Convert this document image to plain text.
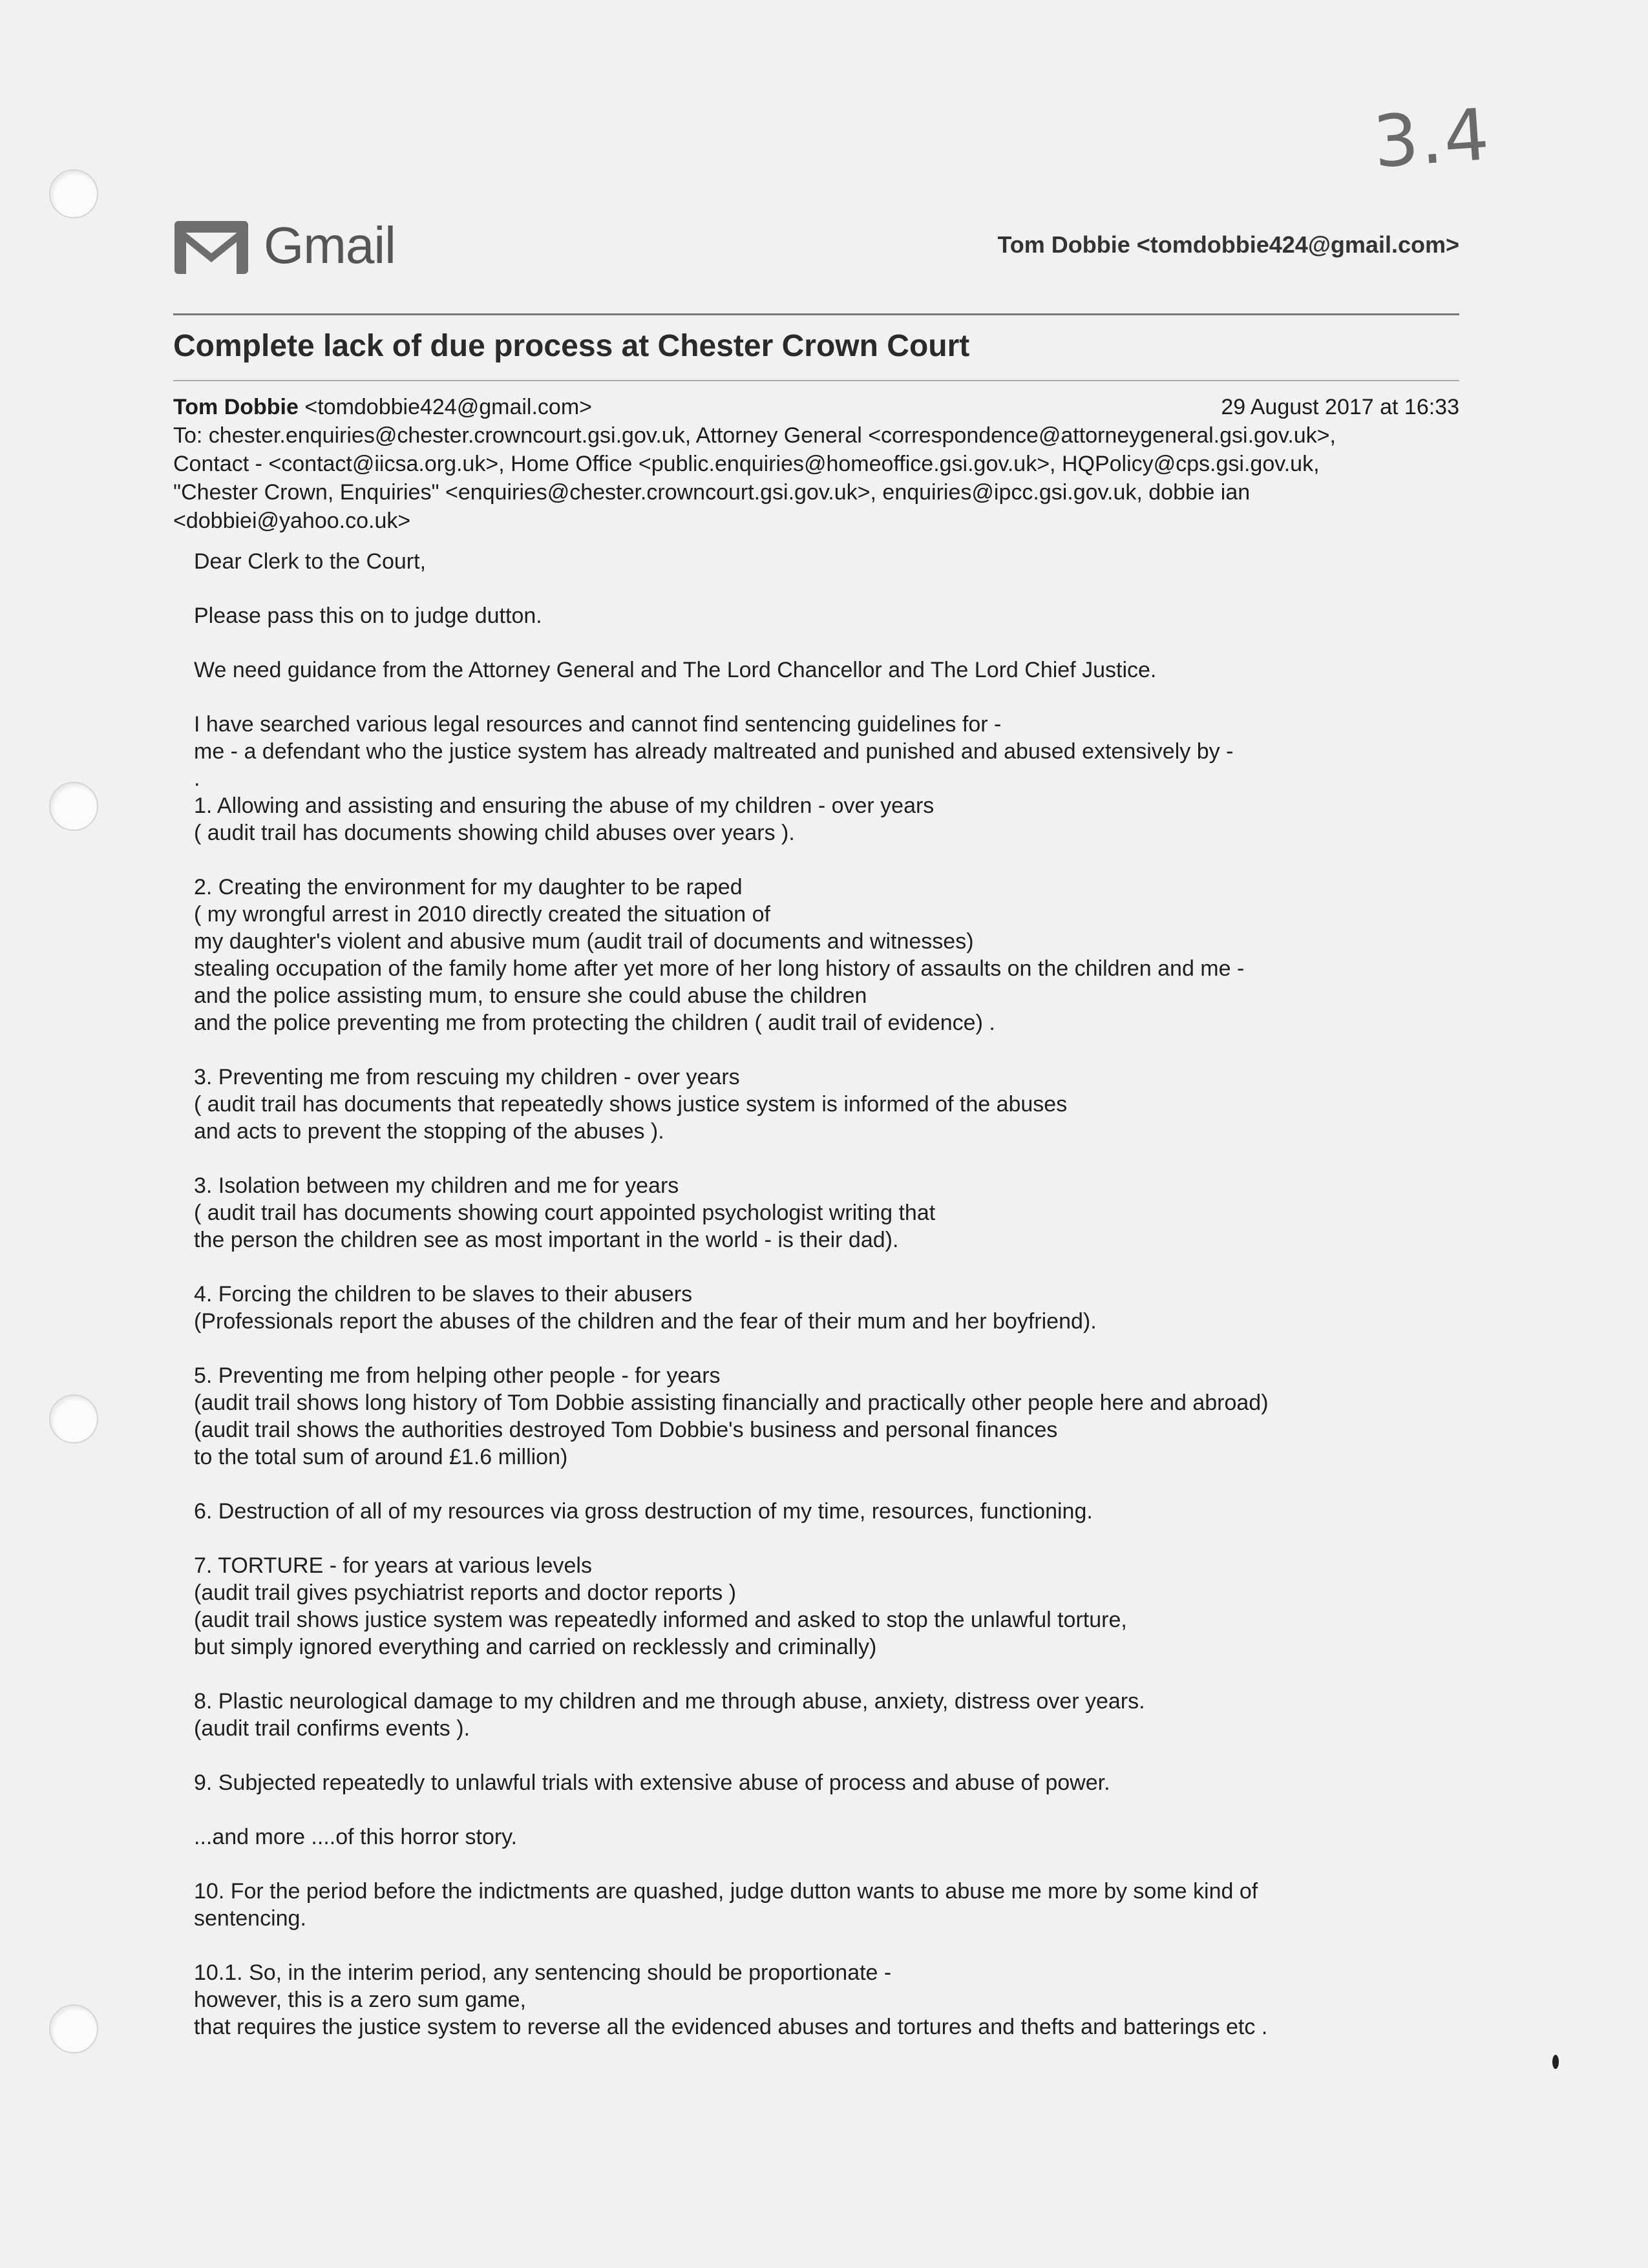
3.4
Gmail	Tom Dobbie <tomdobbie424@gmail.com>
Complete lack of due process at Chester Crown Court
Tom Dobbie <tomdobbie424@gmail.com>	29 August 2017 at 16:33
To: chester.enquiries@chester.crowncourt.gsi.gov.uk, Attorney General <correspondence@attorneygeneral.gsi.gov.uk>,
Contact - <contact@iicsa.org.uk>, Home Office <public.enquiries@homeoffice.gsi.gov.uk>, HQPolicy@cps.gsi.gov.uk,
"Chester Crown, Enquiries" <enquiries@chester.crowncourt.gsi.gov.uk>, enquiries@ipcc.gsi.gov.uk, dobbie ian
<dobbiei@yahoo.co.uk>

Dear Clerk to the Court,

Please pass this on to judge dutton.

We need guidance from the Attorney General and The Lord Chancellor and The Lord Chief Justice.

I have searched various legal resources and cannot find sentencing guidelines for -
me - a defendant who the justice system has already maltreated and punished and abused extensively by -
.
1. Allowing and assisting and ensuring the abuse of my children - over years
( audit trail has documents showing child abuses over years ).

2. Creating the environment for my daughter to be raped
( my wrongful arrest in 2010 directly created the situation of
my daughter's violent and abusive mum (audit trail of documents and witnesses)
stealing occupation of the family home after yet more of her long history of assaults on the children and me -
and the police assisting mum, to ensure she could abuse the children
and the police preventing me from protecting the children ( audit trail of evidence) .

3. Preventing me from rescuing my children - over years
( audit trail has documents that repeatedly shows justice system is informed of the abuses
and acts to prevent the stopping of the abuses ).

3. Isolation between my children and me for years
( audit trail has documents showing court appointed psychologist writing that
the person the children see as most important in the world - is their dad).

4. Forcing the children to be slaves to their abusers
(Professionals report the abuses of the children and the fear of their mum and her boyfriend).

5. Preventing me from helping other people - for years
(audit trail shows long history of Tom Dobbie assisting financially and practically other people here and abroad)
(audit trail shows the authorities destroyed Tom Dobbie's business and personal finances
to the total sum of around £1.6 million)

6. Destruction of all of my resources via gross destruction of my time, resources, functioning.

7. TORTURE - for years at various levels
(audit trail gives psychiatrist reports and doctor reports )
(audit trail shows justice system was repeatedly informed and asked to stop the unlawful torture,
but simply ignored everything and carried on recklessly and criminally)

8. Plastic neurological damage to my children and me through abuse, anxiety, distress over years.
(audit trail confirms events ).

9. Subjected repeatedly to unlawful trials with extensive abuse of process and abuse of power.

...and more ....of this horror story.

10. For the period before the indictments are quashed, judge dutton wants to abuse me more by some kind of
sentencing.

10.1. So, in the interim period, any sentencing should be proportionate -
however, this is a zero sum game,
that requires the justice system to reverse all the evidenced abuses and tortures and thefts and batterings etc .
